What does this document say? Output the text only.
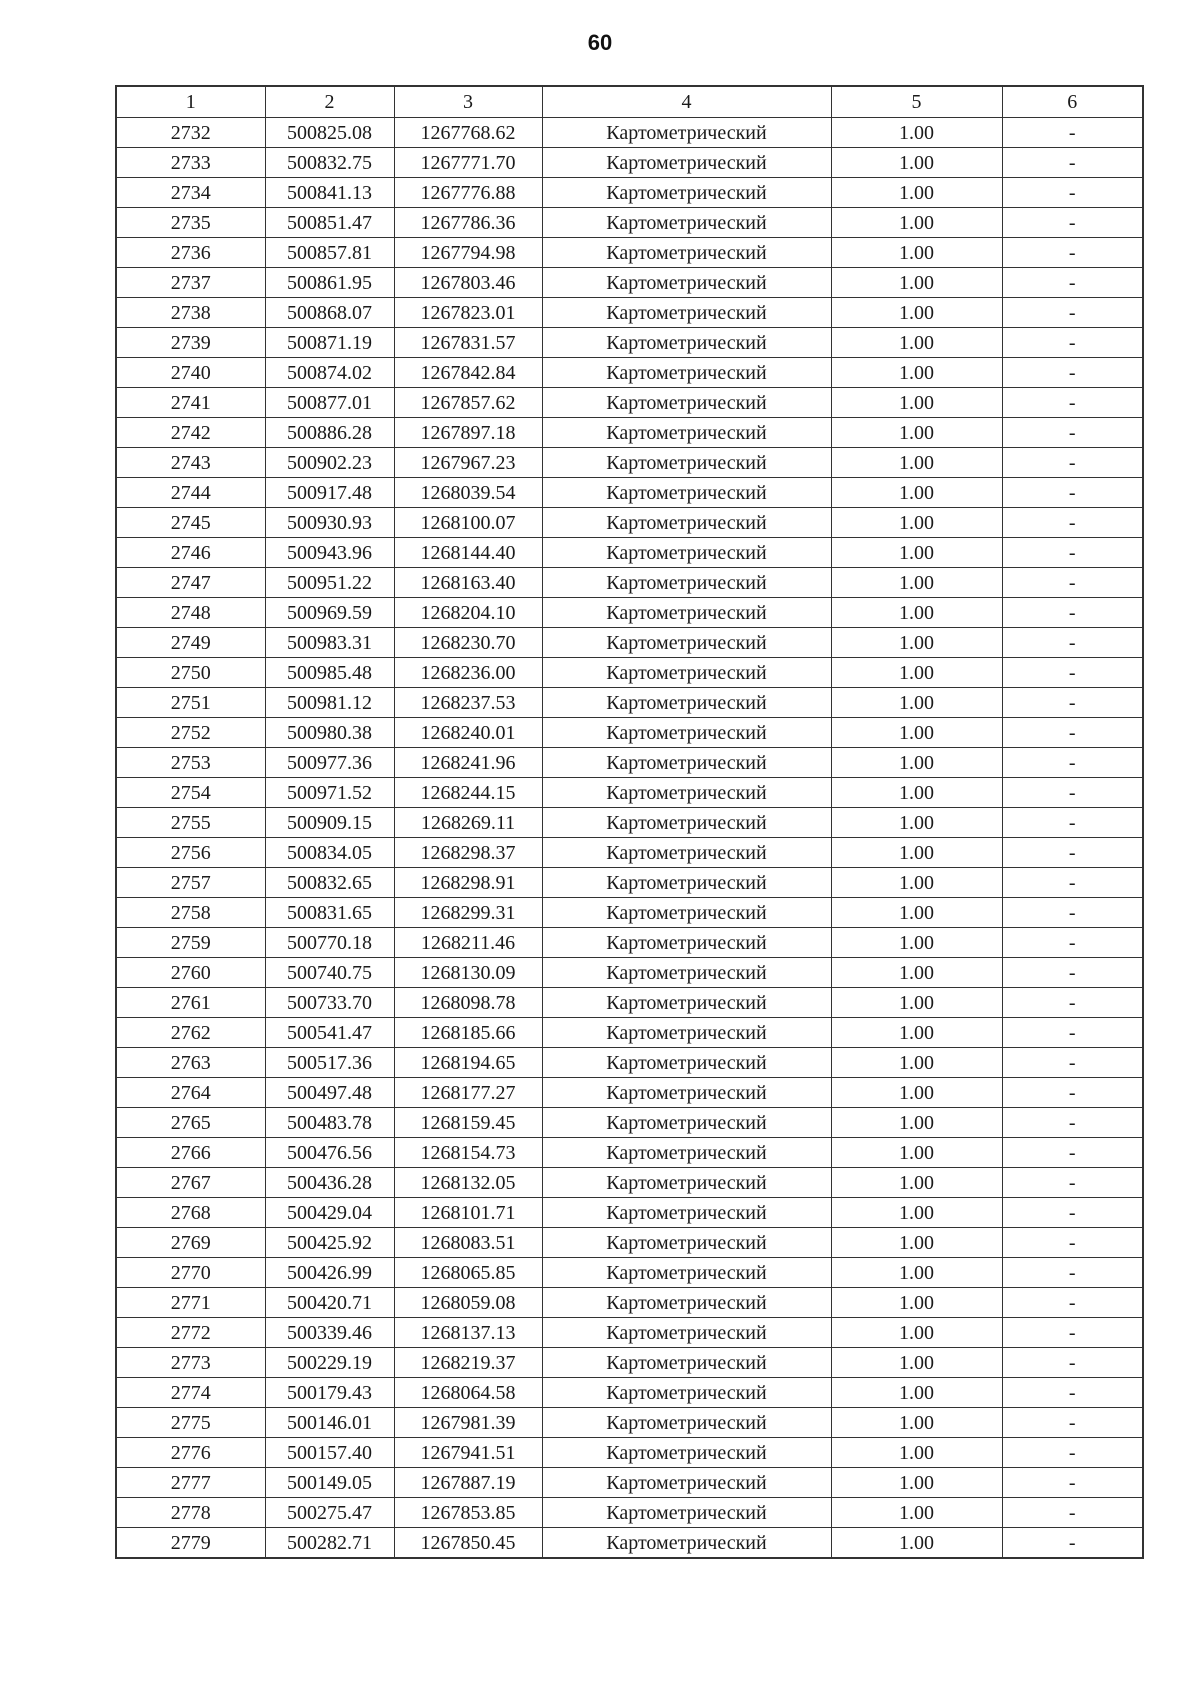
60
1	2	3	4	5	6
2732	500825.08	1267768.62	Картометрический	1.00	-
2733	500832.75	1267771.70	Картометрический	1.00	-
2734	500841.13	1267776.88	Картометрический	1.00	-
2735	500851.47	1267786.36	Картометрический	1.00	-
2736	500857.81	1267794.98	Картометрический	1.00	-
2737	500861.95	1267803.46	Картометрический	1.00	-
2738	500868.07	1267823.01	Картометрический	1.00	-
2739	500871.19	1267831.57	Картометрический	1.00	-
2740	500874.02	1267842.84	Картометрический	1.00	-
2741	500877.01	1267857.62	Картометрический	1.00	-
2742	500886.28	1267897.18	Картометрический	1.00	-
2743	500902.23	1267967.23	Картометрический	1.00	-
2744	500917.48	1268039.54	Картометрический	1.00	-
2745	500930.93	1268100.07	Картометрический	1.00	-
2746	500943.96	1268144.40	Картометрический	1.00	-
2747	500951.22	1268163.40	Картометрический	1.00	-
2748	500969.59	1268204.10	Картометрический	1.00	-
2749	500983.31	1268230.70	Картометрический	1.00	-
2750	500985.48	1268236.00	Картометрический	1.00	-
2751	500981.12	1268237.53	Картометрический	1.00	-
2752	500980.38	1268240.01	Картометрический	1.00	-
2753	500977.36	1268241.96	Картометрический	1.00	-
2754	500971.52	1268244.15	Картометрический	1.00	-
2755	500909.15	1268269.11	Картометрический	1.00	-
2756	500834.05	1268298.37	Картометрический	1.00	-
2757	500832.65	1268298.91	Картометрический	1.00	-
2758	500831.65	1268299.31	Картометрический	1.00	-
2759	500770.18	1268211.46	Картометрический	1.00	-
2760	500740.75	1268130.09	Картометрический	1.00	-
2761	500733.70	1268098.78	Картометрический	1.00	-
2762	500541.47	1268185.66	Картометрический	1.00	-
2763	500517.36	1268194.65	Картометрический	1.00	-
2764	500497.48	1268177.27	Картометрический	1.00	-
2765	500483.78	1268159.45	Картометрический	1.00	-
2766	500476.56	1268154.73	Картометрический	1.00	-
2767	500436.28	1268132.05	Картометрический	1.00	-
2768	500429.04	1268101.71	Картометрический	1.00	-
2769	500425.92	1268083.51	Картометрический	1.00	-
2770	500426.99	1268065.85	Картометрический	1.00	-
2771	500420.71	1268059.08	Картометрический	1.00	-
2772	500339.46	1268137.13	Картометрический	1.00	-
2773	500229.19	1268219.37	Картометрический	1.00	-
2774	500179.43	1268064.58	Картометрический	1.00	-
2775	500146.01	1267981.39	Картометрический	1.00	-
2776	500157.40	1267941.51	Картометрический	1.00	-
2777	500149.05	1267887.19	Картометрический	1.00	-
2778	500275.47	1267853.85	Картометрический	1.00	-
2779	500282.71	1267850.45	Картометрический	1.00	-
